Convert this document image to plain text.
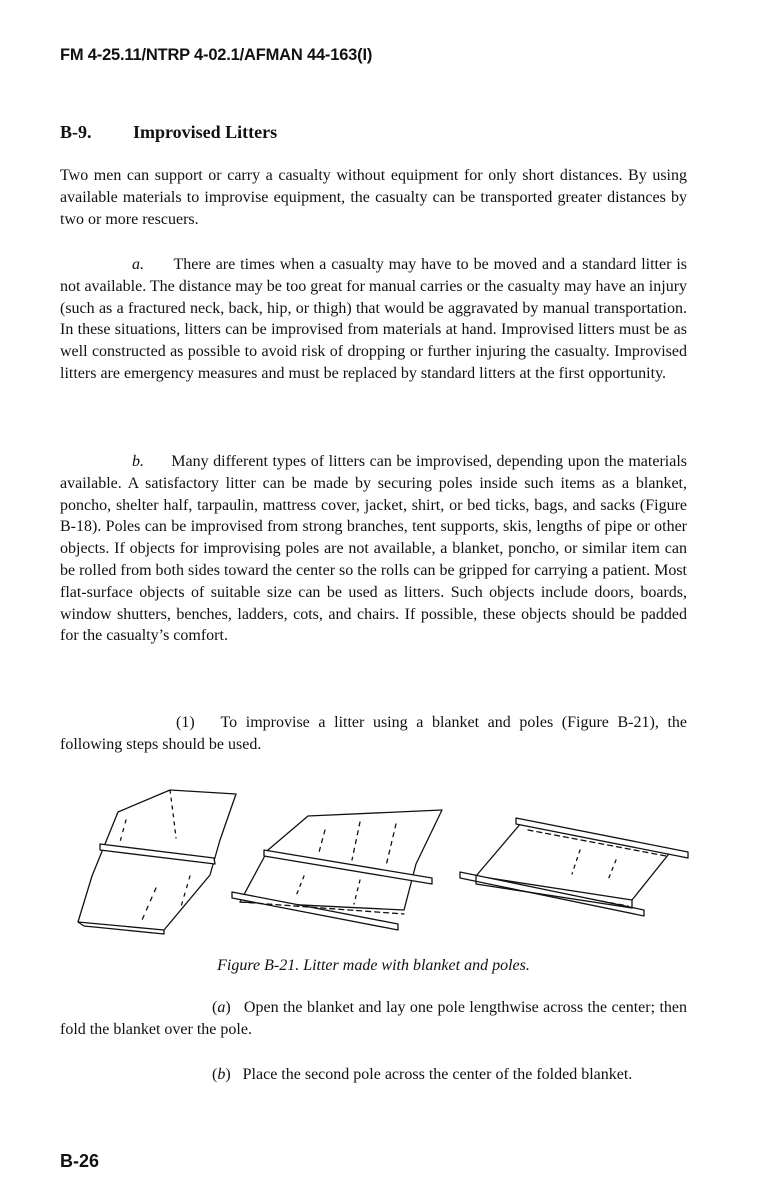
FM 4-25.11/NTRP 4-02.1/AFMAN 44-163(I)
B-9. Improvised Litters

Two men can support or carry a casualty without equipment for only short distances. By using available materials to improvise equipment, the casualty can be transported greater distances by two or more rescuers.

a. There are times when a casualty may have to be moved and a standard litter is not available. The distance may be too great for manual carries or the casualty may have an injury (such as a fractured neck, back, hip, or thigh) that would be aggravated by manual transportation. In these situations, litters can be improvised from materials at hand. Improvised litters must be as well constructed as possible to avoid risk of dropping or further injuring the casualty. Improvised litters are emergency measures and must be replaced by standard litters at the first opportunity.

b. Many different types of litters can be improvised, depending upon the materials available. A satisfactory litter can be made by securing poles inside such items as a blanket, poncho, shelter half, tarpaulin, mattress cover, jacket, shirt, or bed ticks, bags, and sacks (Figure B-18). Poles can be improvised from strong branches, tent supports, skis, lengths of pipe or other objects. If objects for improvising poles are not available, a blanket, poncho, or similar item can be rolled from both sides toward the center so the rolls can be gripped for carrying a patient. Most flat-surface objects of suitable size can be used as litters. Such objects include doors, boards, window shutters, benches, ladders, cots, and chairs. If possible, these objects should be padded for the casualty’s comfort.

(1) To improvise a litter using a blanket and poles (Figure B-21), the following steps should be used.

Figure B-21. Litter made with blanket and poles.

(a)   Open the blanket and lay one pole lengthwise across the center; then fold the blanket over the pole.

(b)   Place the second pole across the center of the folded blanket.

B-26
